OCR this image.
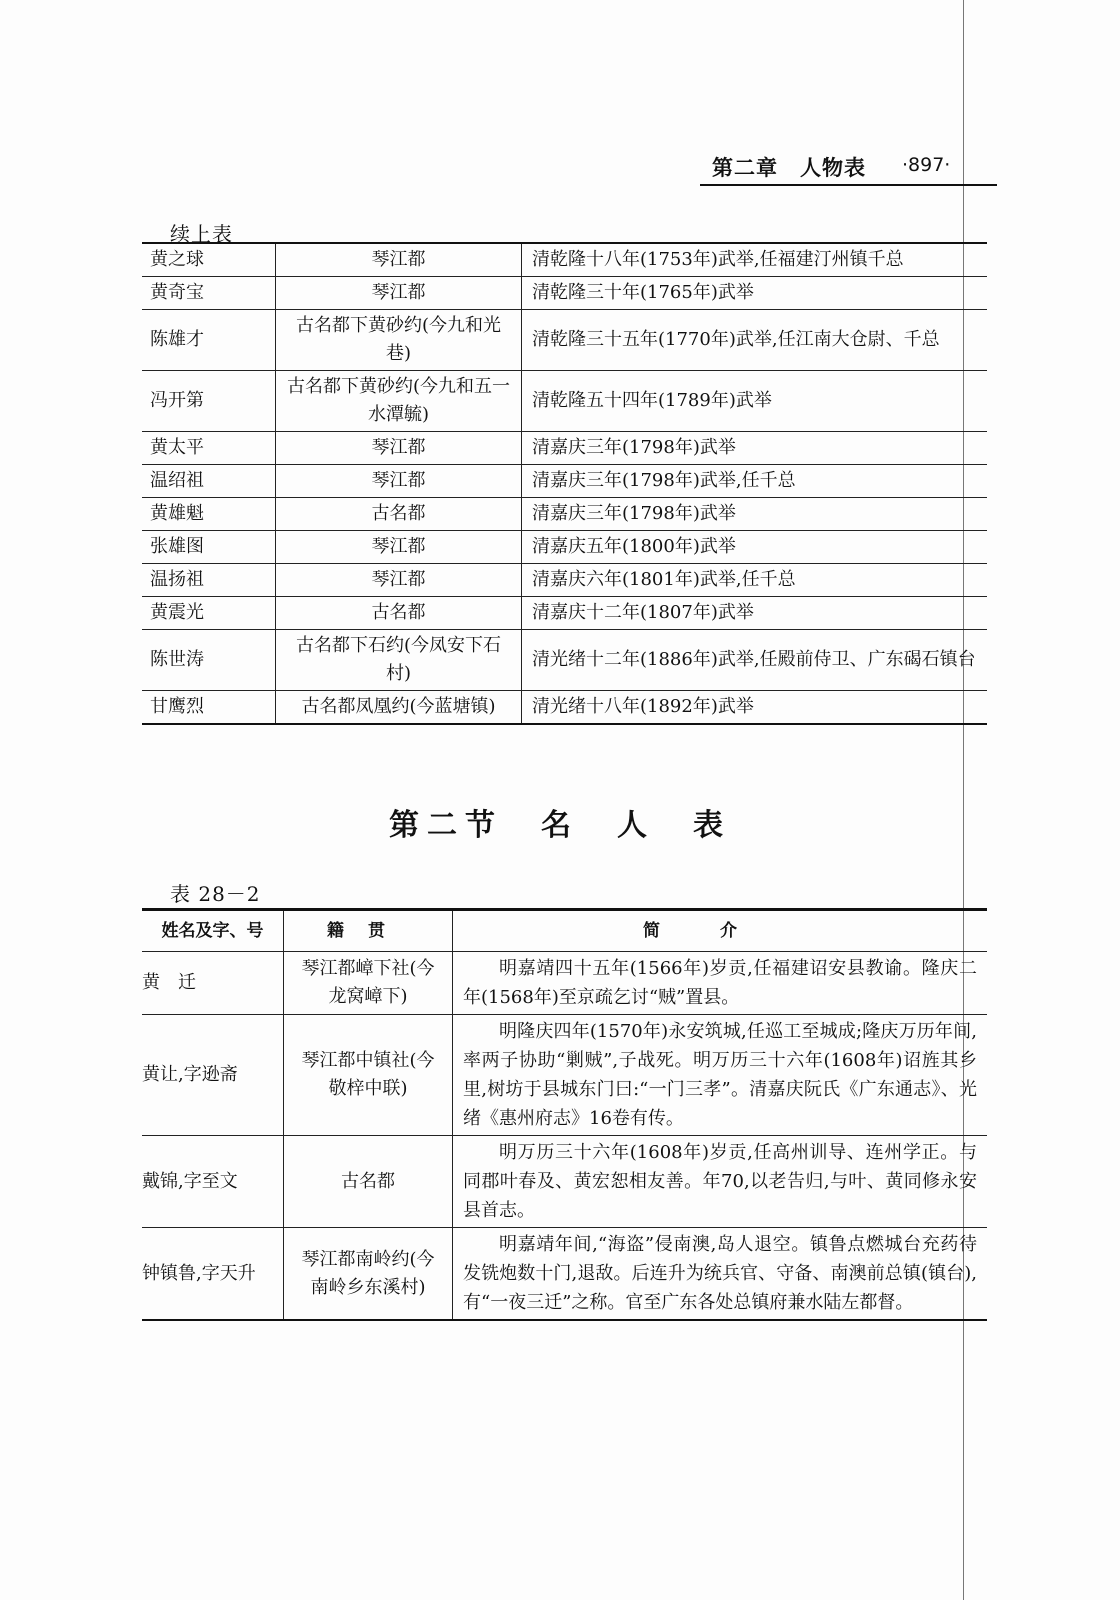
第二章　人物表 ·897·
续上表
黄之球	琴江都	清乾隆十八年(1753年)武举,任福建汀州镇千总
黄奇宝	琴江都	清乾隆三十年(1765年)武举
陈雄才	古名都下黄砂约(今九和光巷)	清乾隆三十五年(1770年)武举,任江南大仓尉、千总
冯开第	古名都下黄砂约(今九和五一水潭毓)	清乾隆五十四年(1789年)武举
黄太平	琴江都	清嘉庆三年(1798年)武举
温绍祖	琴江都	清嘉庆三年(1798年)武举,任千总
黄雄魁	古名都	清嘉庆三年(1798年)武举
张雄图	琴江都	清嘉庆五年(1800年)武举
温扬祖	琴江都	清嘉庆六年(1801年)武举,任千总
黄震光	古名都	清嘉庆十二年(1807年)武举
陈世涛	古名都下石约(今凤安下石村)	清光绪十二年(1886年)武举,任殿前侍卫、广东碣石镇台
甘鹰烈	古名都凤凰约(今蓝塘镇)	清光绪十八年(1892年)武举
第二节　名　人　表
表 28－2
姓名及字、号	籍贯	简介
黄　迁	琴江都嶂下社(今龙窝嶂下)	明嘉靖四十五年(1566年)岁贡,任福建诏安县教谕。隆庆二年(1568年)至京疏乞讨“贼”置县。
黄让,字逊斋	琴江都中镇社(今敬梓中联)	明隆庆四年(1570年)永安筑城,任巡工至城成;隆庆万历年间,率两子协助“剿贼”,子战死。明万历三十六年(1608年)诏旌其乡里,树坊于县城东门曰:“一门三孝”。清嘉庆阮氏《广东通志》、光绪《惠州府志》16卷有传。
戴锦,字至文	古名都	明万历三十六年(1608年)岁贡,任高州训导、连州学正。与同郡叶春及、黄宏恕相友善。年70,以老告归,与叶、黄同修永安县首志。
钟镇鲁,字天升	琴江都南岭约(今南岭乡东溪村)	明嘉靖年间,“海盗”侵南澳,岛人退空。镇鲁点燃城台充药待发铣炮数十门,退敌。后连升为统兵官、守备、南澳前总镇(镇台),有“一夜三迁”之称。官至广东各处总镇府兼水陆左都督。
